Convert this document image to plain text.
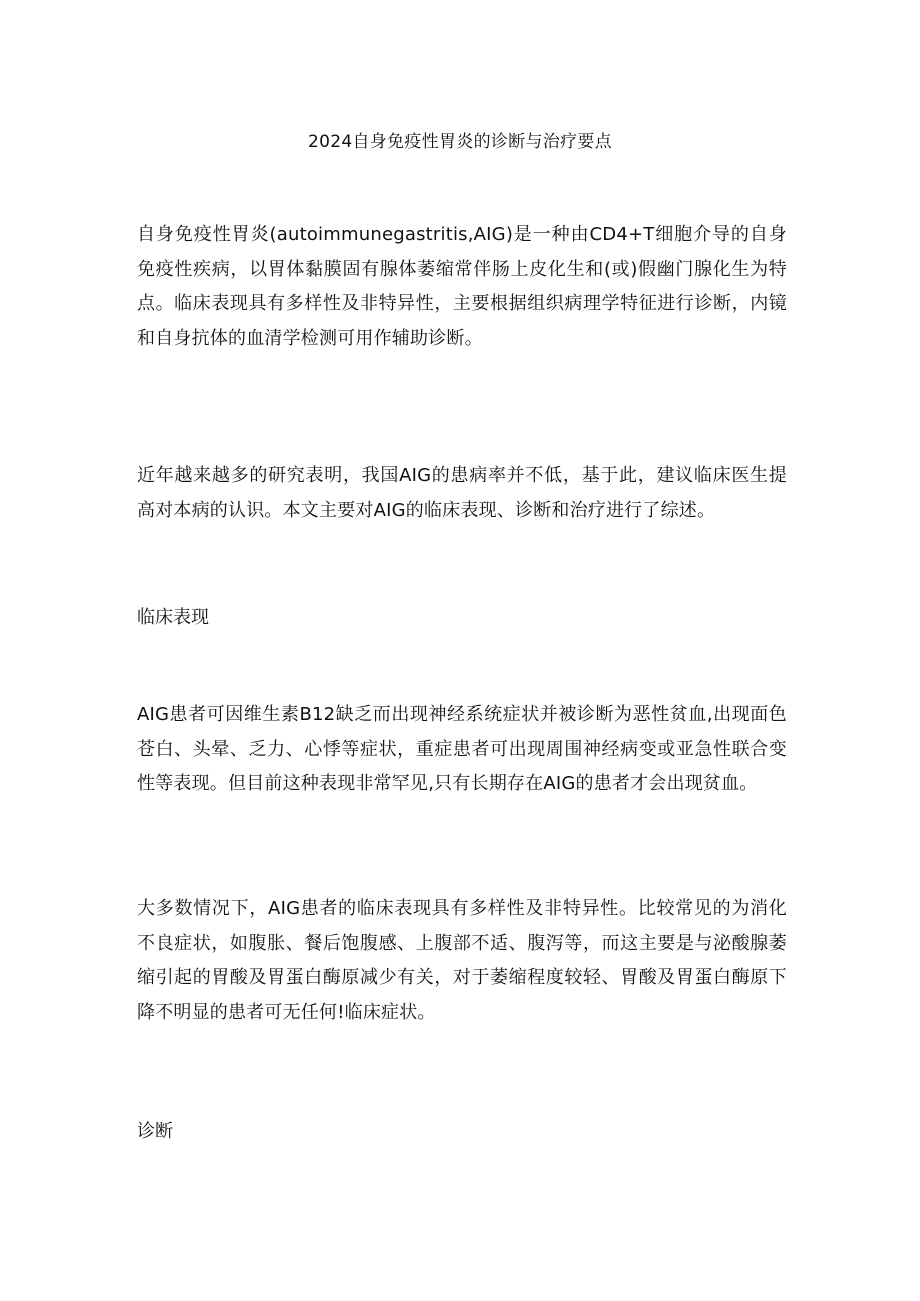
2024自身免疫性胃炎的诊断与治疗要点
自身免疫性胃炎(autoimmunegastritis,AIG)是一种由CD4+T细胞介导的自身免疫性疾病，以胃体黏膜固有腺体萎缩常伴肠上皮化生和(或)假幽门腺化生为特点。临床表现具有多样性及非特异性，主要根据组织病理学特征进行诊断，内镜和自身抗体的血清学检测可用作辅助诊断。
近年越来越多的研究表明，我国AIG的患病率并不低，基于此，建议临床医生提高对本病的认识。本文主要对AIG的临床表现、诊断和治疗进行了综述。
临床表现
AIG患者可因维生素B12缺乏而出现神经系统症状并被诊断为恶性贫血,出现面色苍白、头晕、乏力、心悸等症状，重症患者可出现周围神经病变或亚急性联合变性等表现。但目前这种表现非常罕见,只有长期存在AIG的患者才会出现贫血。
大多数情况下，AIG患者的临床表现具有多样性及非特异性。比较常见的为消化不良症状，如腹胀、餐后饱腹感、上腹部不适、腹泻等，而这主要是与泌酸腺萎缩引起的胃酸及胃蛋白酶原减少有关，对于萎缩程度较轻、胃酸及胃蛋白酶原下降不明显的患者可无任何!临床症状。
诊断
